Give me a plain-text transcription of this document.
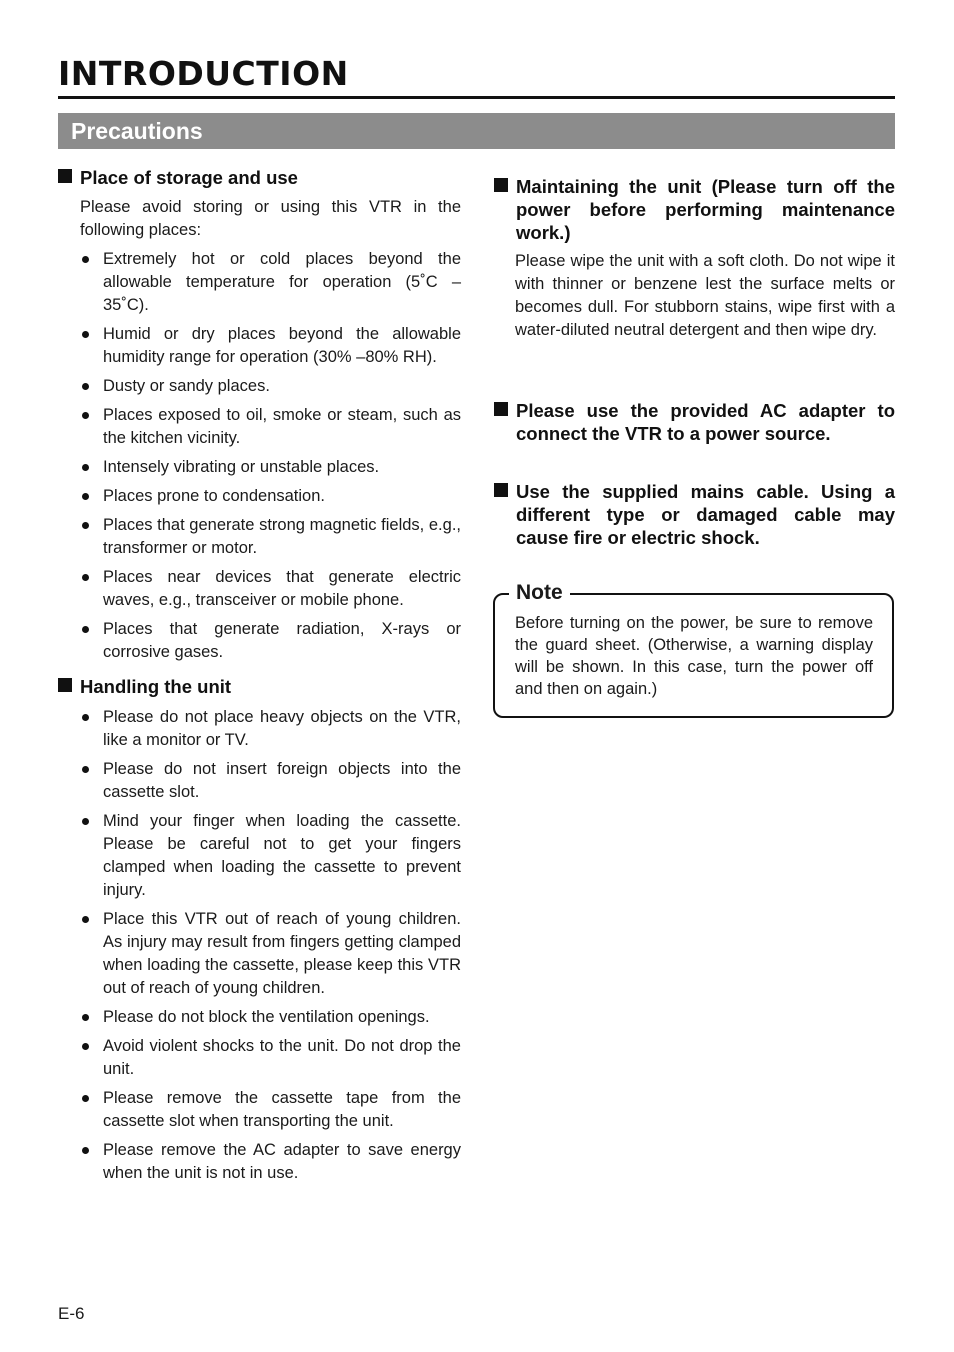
INTRODUCTION
Precautions
Place of storage and use

Please avoid storing or using this VTR in the following places:

Extremely hot or cold places beyond the allowable temperature for operation (5˚C – 35˚C).
Humid or dry places beyond the allowable humidity range for operation (30% –80% RH).
Dusty or sandy places.
Places exposed to oil, smoke or steam, such as the kitchen vicinity.
Intensely vibrating or unstable places.
Places prone to condensation.
Places that generate strong magnetic fields, e.g., transformer or motor.
Places near devices that generate electric waves, e.g., transceiver or mobile phone.
Places that generate radiation, X-rays or corrosive gases.
Handling the unit
Please do not place heavy objects on the VTR, like a monitor or TV.
Please do not insert foreign objects into the cassette slot.
Mind your finger when loading the cassette. Please be careful not to get your fingers clamped when loading the cassette to prevent injury.
Place this VTR out of reach of young children. As injury may result from fingers getting clamped when loading the cassette, please keep this VTR out of reach of young children.
Please do not block the ventilation openings.
Avoid violent shocks to the unit. Do not drop the unit.
Please remove the cassette tape from the cassette slot when transporting the unit.
Please remove the AC adapter to save energy when the unit is not in use.
Maintaining the unit (Please turn off the power before performing maintenance work.)

Please wipe the unit with a soft cloth. Do not wipe it with thinner or benzene lest the surface melts or becomes dull. For stubborn stains, wipe first with a water-diluted neutral detergent and then wipe dry.

Please use the provided AC adapter to connect the VTR to a power source.
Use the supplied mains cable. Using a different type or damaged cable may cause fire or electric shock.
Note

Before turning on the power, be sure to remove the guard sheet. (Otherwise, a warning display will be shown. In this case, turn the power off and then on again.)

E-6
